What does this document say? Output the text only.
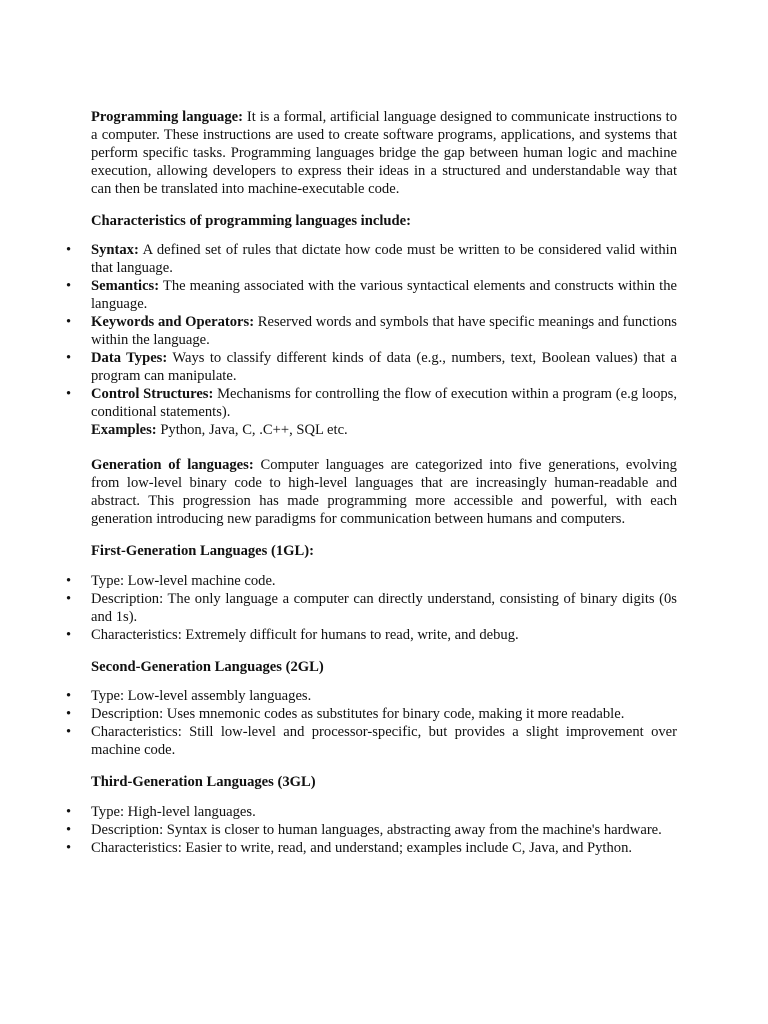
Programming language: It is a formal, artificial language designed to communicate instructions to a computer. These instructions are used to create software programs, applications, and systems that perform specific tasks. Programming languages bridge the gap between human logic and machine execution, allowing developers to express their ideas in a structured and understandable way that can then be translated into machine-executable code.

Characteristics of programming languages include:

• Syntax: A defined set of rules that dictate how code must be written to be considered valid within that language.
• Semantics: The meaning associated with the various syntactical elements and constructs within the language.
• Keywords and Operators: Reserved words and symbols that have specific meanings and functions within the language.
• Data Types: Ways to classify different kinds of data (e.g., numbers, text, Boolean values) that a program can manipulate.
• Control Structures: Mechanisms for controlling the flow of execution within a program (e.g loops, conditional statements).

Examples: Python, Java, C, .C++, SQL etc.

Generation of languages: Computer languages are categorized into five generations, evolving from low-level binary code to high-level languages that are increasingly human-readable and abstract. This progression has made programming more accessible and powerful, with each generation introducing new paradigms for communication between humans and computers.

First-Generation Languages (1GL):

• Type: Low-level machine code.
• Description: The only language a computer can directly understand, consisting of binary digits (0s and 1s).
• Characteristics: Extremely difficult for humans to read, write, and debug.

Second-Generation Languages (2GL)

• Type: Low-level assembly languages.
• Description: Uses mnemonic codes as substitutes for binary code, making it more readable.
• Characteristics: Still low-level and processor-specific, but provides a slight improvement over machine code.

Third-Generation Languages (3GL)

• Type: High-level languages.
• Description: Syntax is closer to human languages, abstracting away from the machine's hardware.
• Characteristics: Easier to write, read, and understand; examples include C, Java, and Python.
